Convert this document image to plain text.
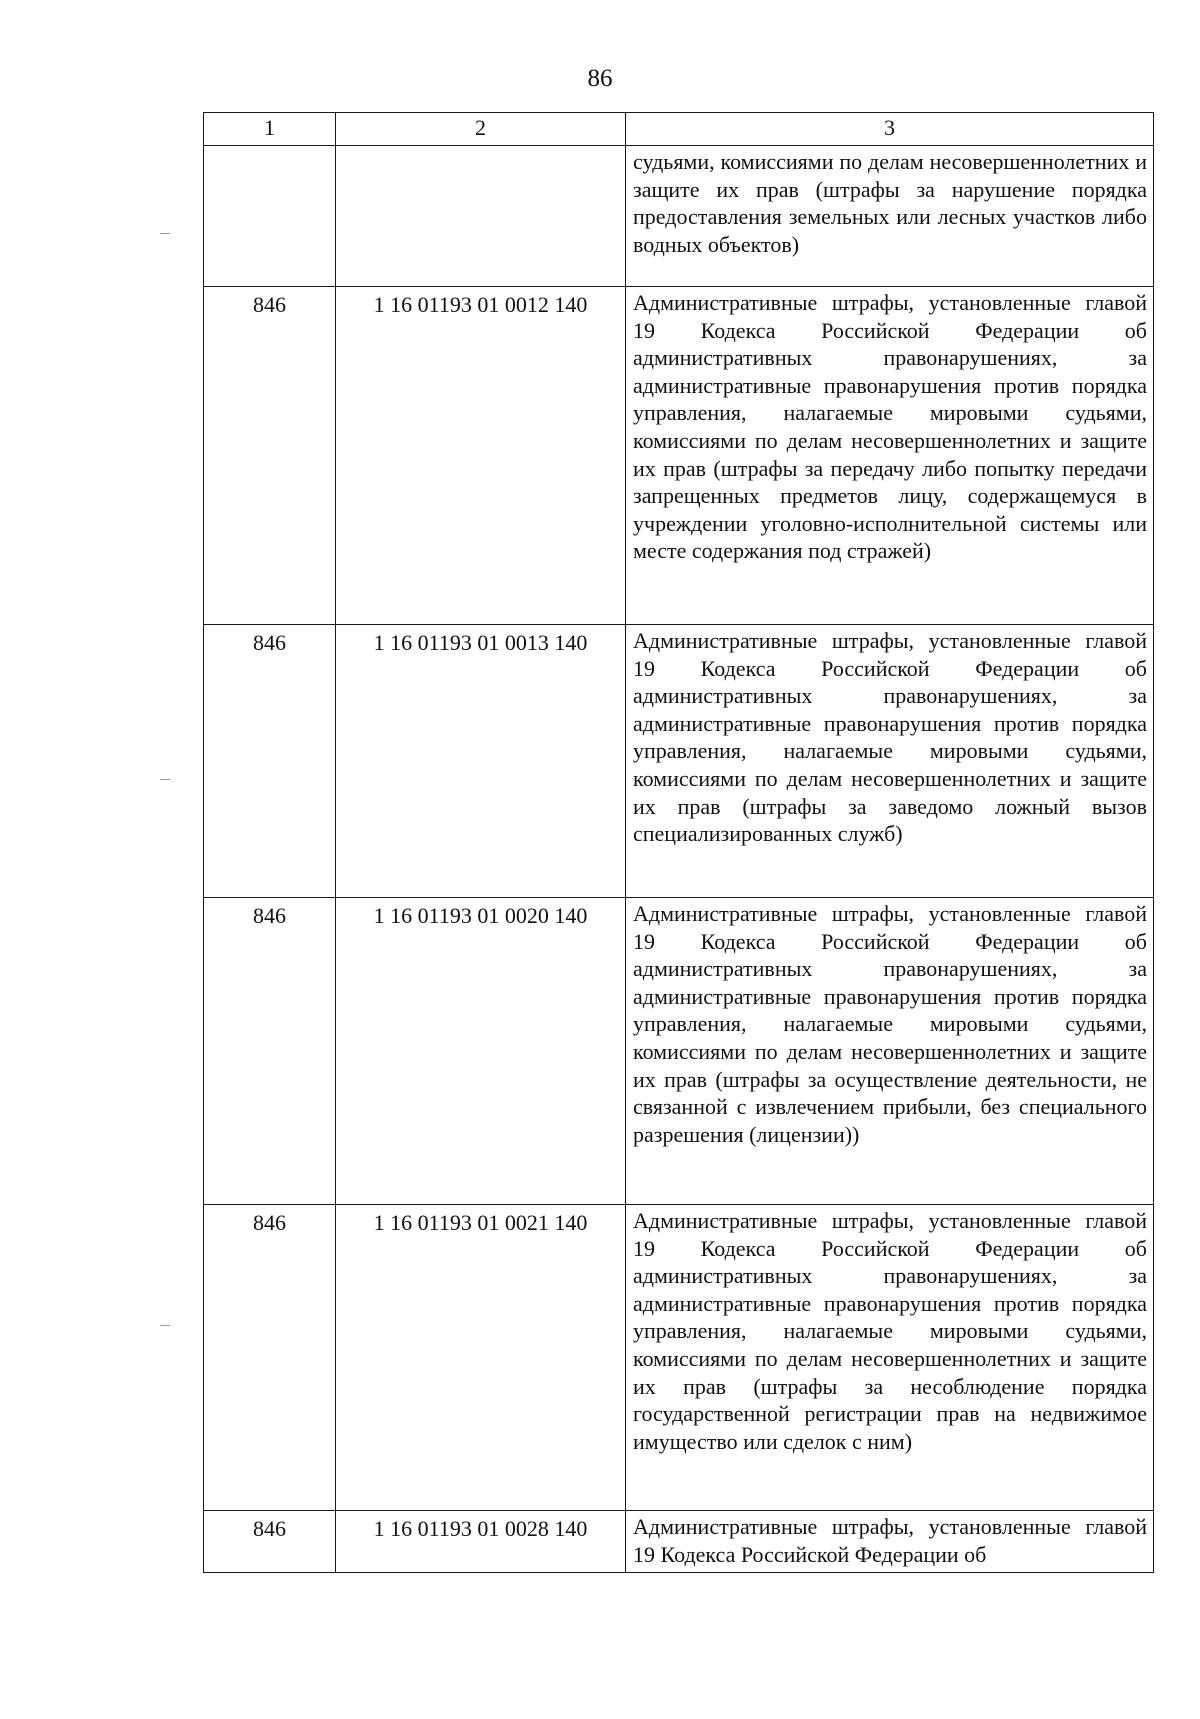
86
1	2	3
		судьями, комиссиями по делам несовершеннолетних и защите их прав (штрафы за нарушение порядка предоставления земельных или лесных участков либо водных объектов)
846	1 16 01193 01 0012 140	Административные штрафы, установленные главой 19 Кодекса Российской Федерации об административных правонарушениях, за административные правонарушения против порядка управления, налагаемые мировыми судьями, комиссиями по делам несовершеннолетних и защите их прав (штрафы за передачу либо попытку передачи запрещенных предметов лицу, содержащемуся в учреждении уголовно-исполнительной системы или месте содержания под стражей)
846	1 16 01193 01 0013 140	Административные штрафы, установленные главой 19 Кодекса Российской Федерации об административных правонарушениях, за административные правонарушения против порядка управления, налагаемые мировыми судьями, комиссиями по делам несовершеннолетних и защите их прав (штрафы за заведомо ложный вызов специализированных служб)
846	1 16 01193 01 0020 140	Административные штрафы, установленные главой 19 Кодекса Российской Федерации об административных правонарушениях, за административные правонарушения против порядка управления, налагаемые мировыми судьями, комиссиями по делам несовершеннолетних и защите их прав (штрафы за осуществление деятельности, не связанной с извлечением прибыли, без специального разрешения (лицензии))
846	1 16 01193 01 0021 140	Административные штрафы, установленные главой 19 Кодекса Российской Федерации об административных правонарушениях, за административные правонарушения против порядка управления, налагаемые мировыми судьями, комиссиями по делам несовершеннолетних и защите их прав (штрафы за несоблюдение порядка государственной регистрации прав на недвижимое имущество или сделок с ним)
846	1 16 01193 01 0028 140	Административные штрафы, установленные главой 19 Кодекса Российской Федерации об
